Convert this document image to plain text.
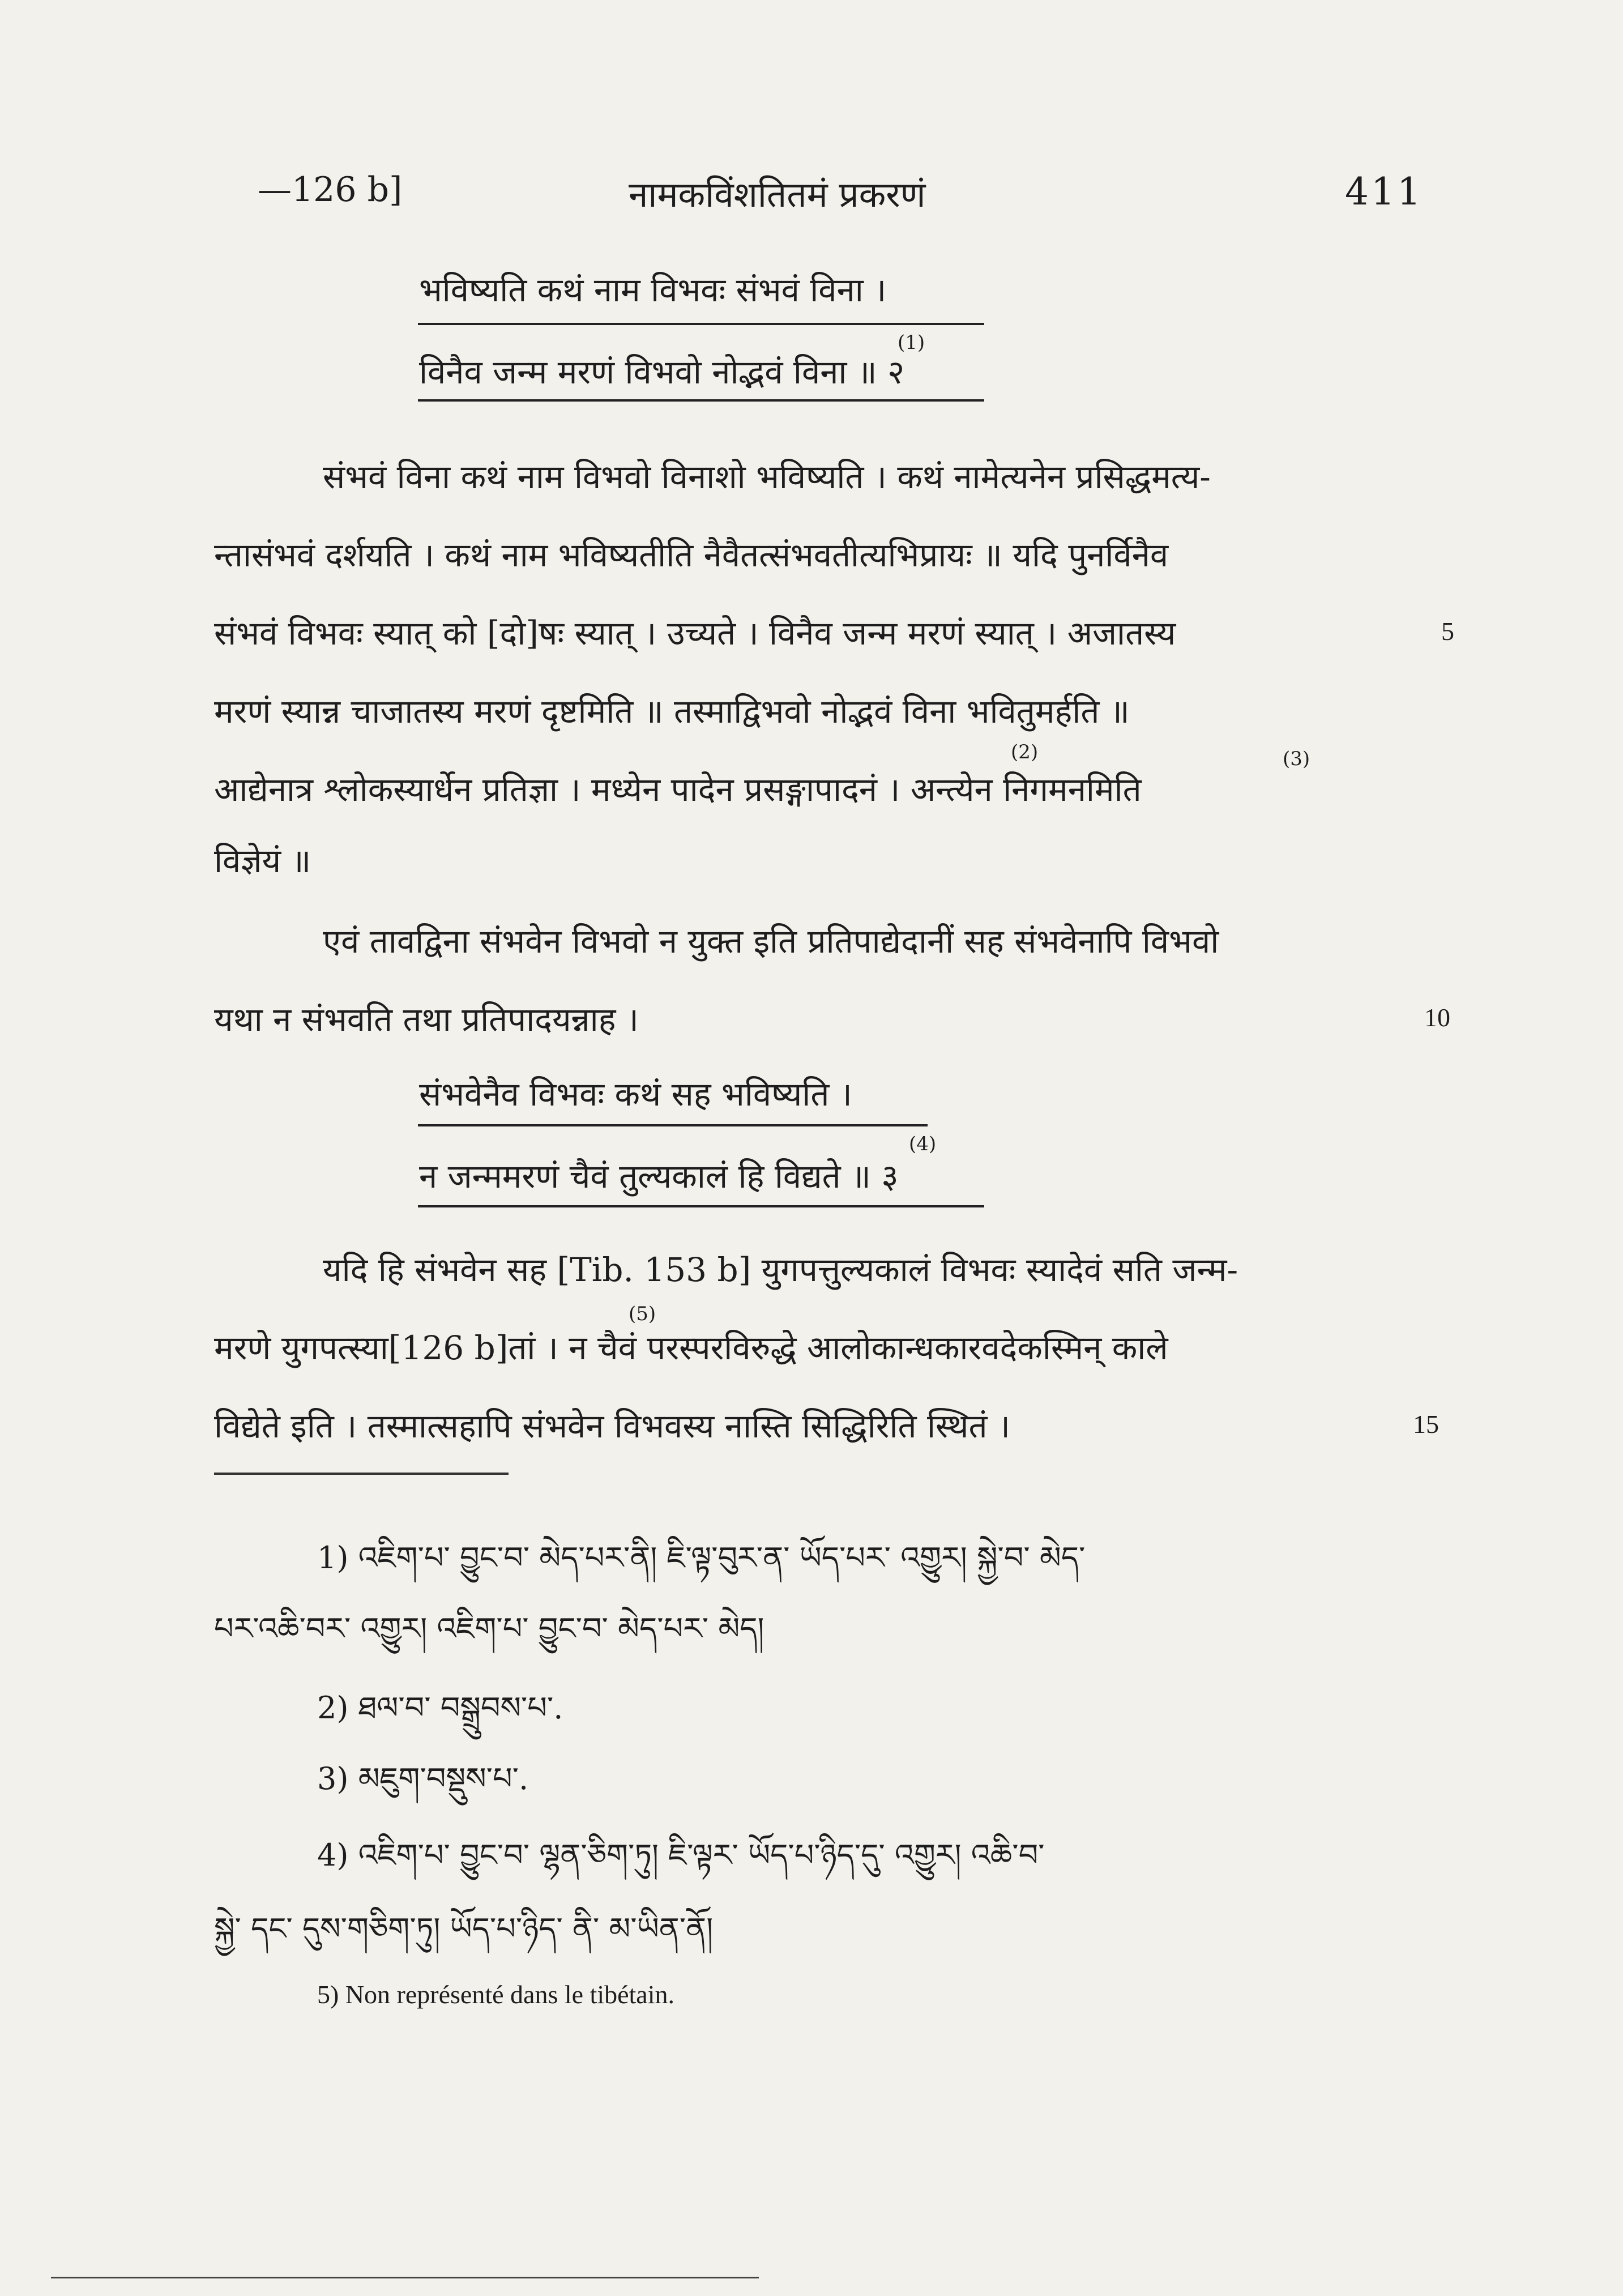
—126 b]	नामकविंशतितमं प्रकरणं	411
भविष्यति कथं नाम विभवः संभवं विना ।
विनैव जन्म मरणं विभवो नोद्भवं विना ॥ २
(1)
संभवं विना कथं नाम विभवो विनाशो भविष्यति । कथं नामेत्यनेन प्रसिद्धमत्य-
न्तासंभवं दर्शयति । कथं नाम भविष्यतीति नैवैतत्संभवतीत्यभिप्रायः ॥ यदि पुनर्विनैव
संभवं विभवः स्यात् को [दो]षः स्यात् । उच्यते । विनैव जन्म मरणं स्यात् । अजातस्य	5
मरणं स्यान्न चाजातस्य मरणं दृष्टमिति ॥ तस्माद्विभवो नोद्भवं विना भवितुमर्हति ॥
(2)	(3)
आद्येनात्र श्लोकस्यार्धेन प्रतिज्ञा । मध्येन पादेन प्रसङ्गापादनं । अन्त्येन निगमनमिति
विज्ञेयं ॥
एवं तावद्विना संभवेन विभवो न युक्त इति प्रतिपाद्येदानीं सह संभवेनापि विभवो
यथा न संभवति तथा प्रतिपादयन्नाह ।	10
संभवेनैव विभवः कथं सह भविष्यति ।
न जन्ममरणं चैवं तुल्यकालं हि विद्यते ॥ ३
(4)
यदि हि संभवेन सह [Tib. 153 b] युगपत्तुल्यकालं विभवः स्यादेवं सति जन्म-
(5)
मरणे युगपत्स्या[126 b]तां । न चैवं परस्परविरुद्धे आलोकान्धकारवदेकस्मिन् काले
विद्येते इति । तस्मात्सहापि संभवेन विभवस्य नास्ति सिद्धिरिति स्थितं ।	15
1) འཇིག་པ་ བྱུང་བ་ མེད་པར་ནི། ཇི་ལྟ་བུར་ན་ ཡོད་པར་ འགྱུར། སྐྱེ་བ་ མེད་
པར་འཆི་བར་ འགྱུར། འཇིག་པ་ བྱུང་བ་ མེད་པར་ མེད།
2) ཐལ་བ་ བསྒྲུབས་པ་.
3) མཇུག་བསྡུས་པ་.
4) འཇིག་པ་ བྱུང་བ་ ལྷན་ཅིག་ཏུ། ཇི་ལྟར་ ཡོད་པ་ཉིད་དུ་ འགྱུར། འཆི་བ་
སྐྱེ་ དང་ དུས་གཅིག་ཏུ། ཡོད་པ་ཉིད་ ནི་ མ་ཡིན་ནོ།
5) Non représenté dans le tibétain.
